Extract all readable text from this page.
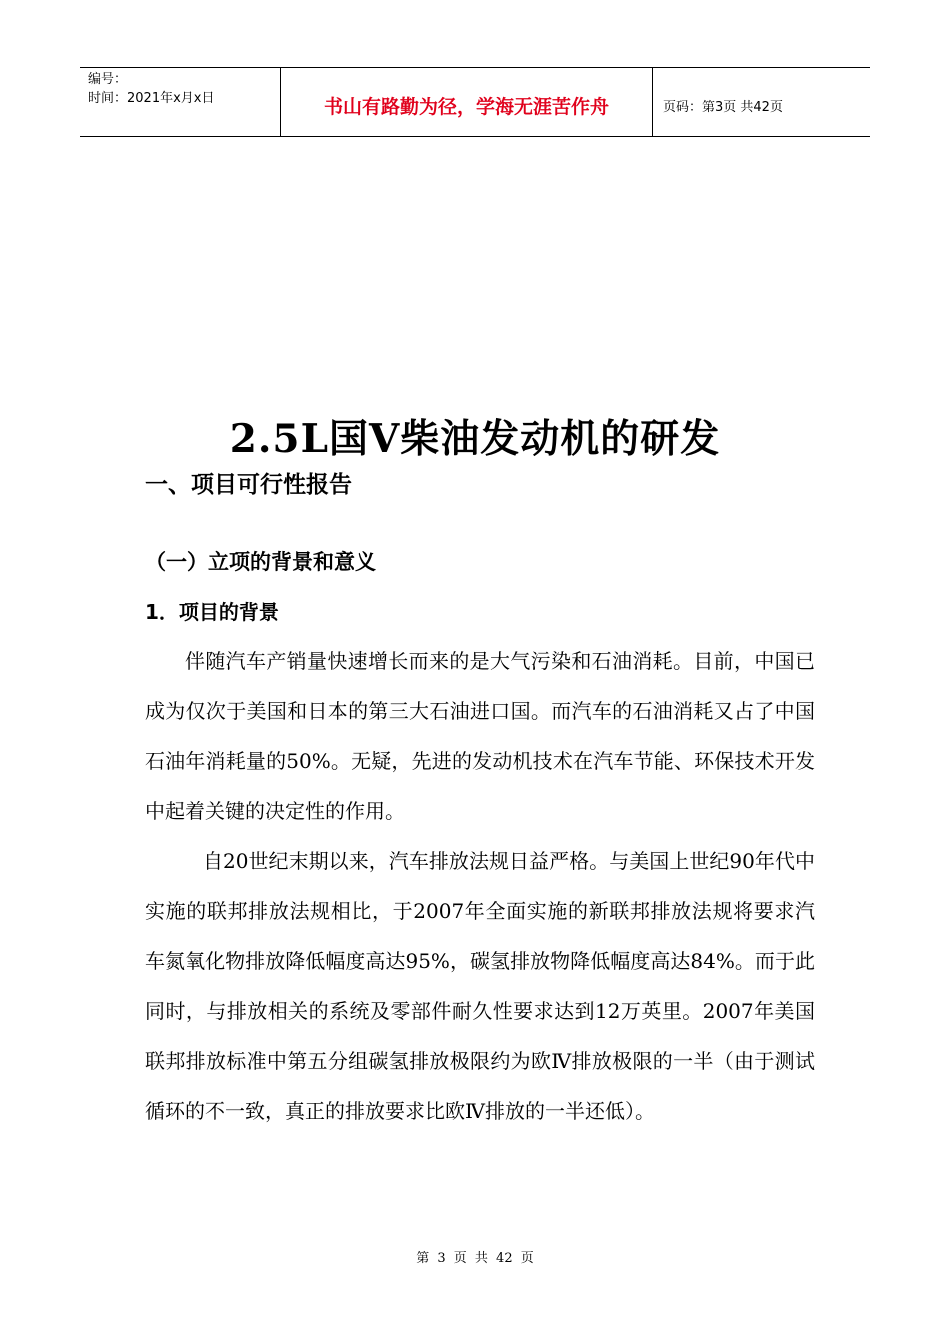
编号：
时间：2021年x月x日	书山有路勤为径，学海无涯苦作舟	页码：第3页 共42页
2.5L国Ⅴ柴油发动机的研发
一、项目可行性报告
（一）立项的背景和意义
1．项目的背景

伴随汽车产销量快速增长而来的是大气污染和石油消耗。目前，中国已成为仅次于美国和日本的第三大石油进口国。而汽车的石油消耗又占了中国石油年消耗量的50%。无疑，先进的发动机技术在汽车节能、环保技术开发中起着关键的决定性的作用。

自20世纪末期以来，汽车排放法规日益严格。与美国上世纪90年代中实施的联邦排放法规相比，于2007年全面实施的新联邦排放法规将要求汽车氮氧化物排放降低幅度高达95%，碳氢排放物降低幅度高达84%。而于此同时，与排放相关的系统及零部件耐久性要求达到12万英里。2007年美国联邦排放标准中第五分组碳氢排放极限约为欧Ⅳ排放极限的一半（由于测试循环的不一致，真正的排放要求比欧Ⅳ排放的一半还低）。

第 3 页 共 42 页
